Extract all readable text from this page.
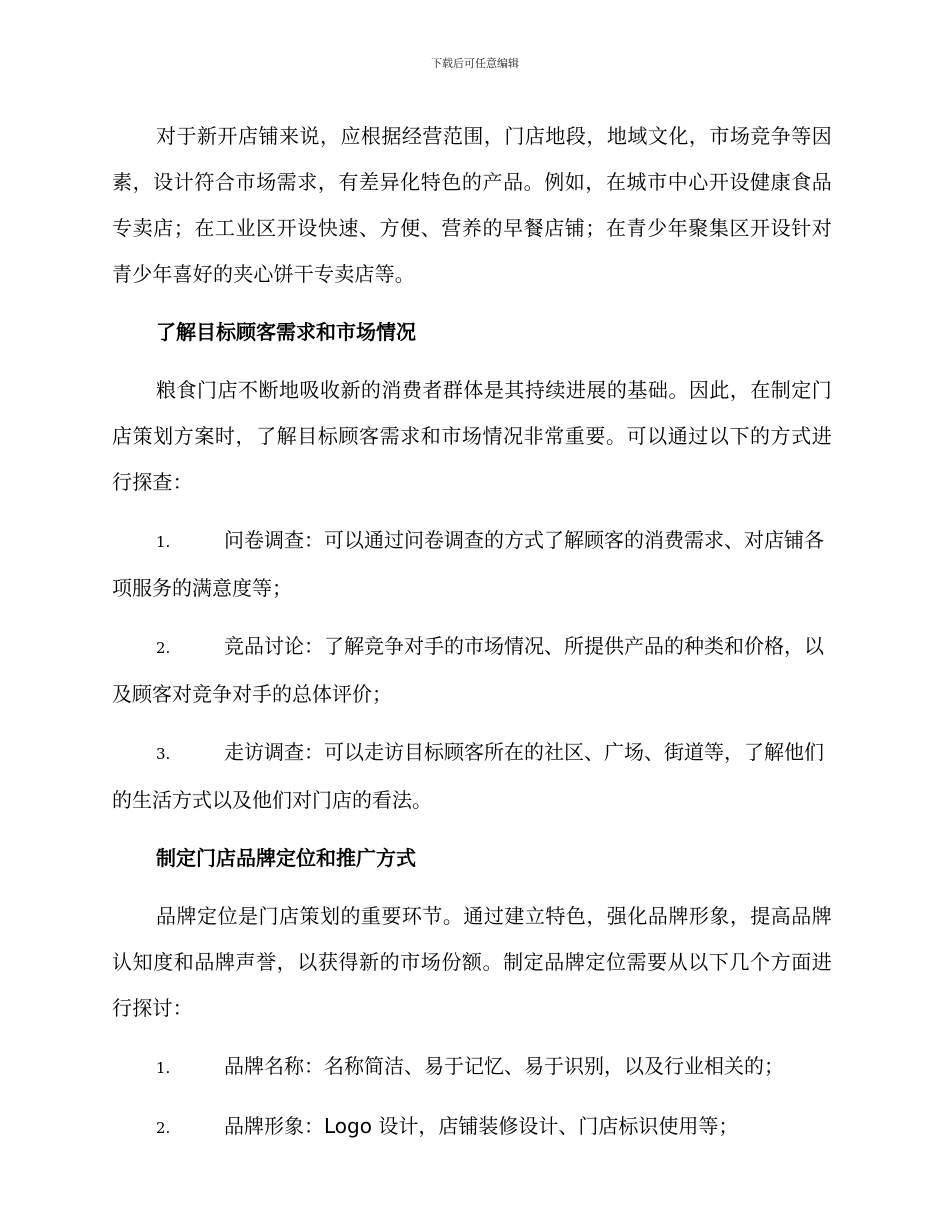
下载后可任意编辑

对于新开店铺来说，应根据经营范围，门店地段，地域文化，市场竞争等因素，设计符合市场需求，有差异化特色的产品。例如，在城市中心开设健康食品专卖店；在工业区开设快速、方便、营养的早餐店铺；在青少年聚集区开设针对青少年喜好的夹心饼干专卖店等。

了解目标顾客需求和市场情况

粮食门店不断地吸收新的消费者群体是其持续进展的基础。因此，在制定门店策划方案时，了解目标顾客需求和市场情况非常重要。可以通过以下的方式进行探查：

1.	问卷调查：可以通过问卷调查的方式了解顾客的消费需求、对店铺各项服务的满意度等；

2.	竞品讨论：了解竞争对手的市场情况、所提供产品的种类和价格，以及顾客对竞争对手的总体评价；

3.	走访调查：可以走访目标顾客所在的社区、广场、街道等，了解他们的生活方式以及他们对门店的看法。

制定门店品牌定位和推广方式

品牌定位是门店策划的重要环节。通过建立特色，强化品牌形象，提高品牌认知度和品牌声誉，以获得新的市场份额。制定品牌定位需要从以下几个方面进行探讨：

1.	品牌名称：名称简洁、易于记忆、易于识别，以及行业相关的；

2.	品牌形象：Logo 设计，店铺装修设计、门店标识使用等；
